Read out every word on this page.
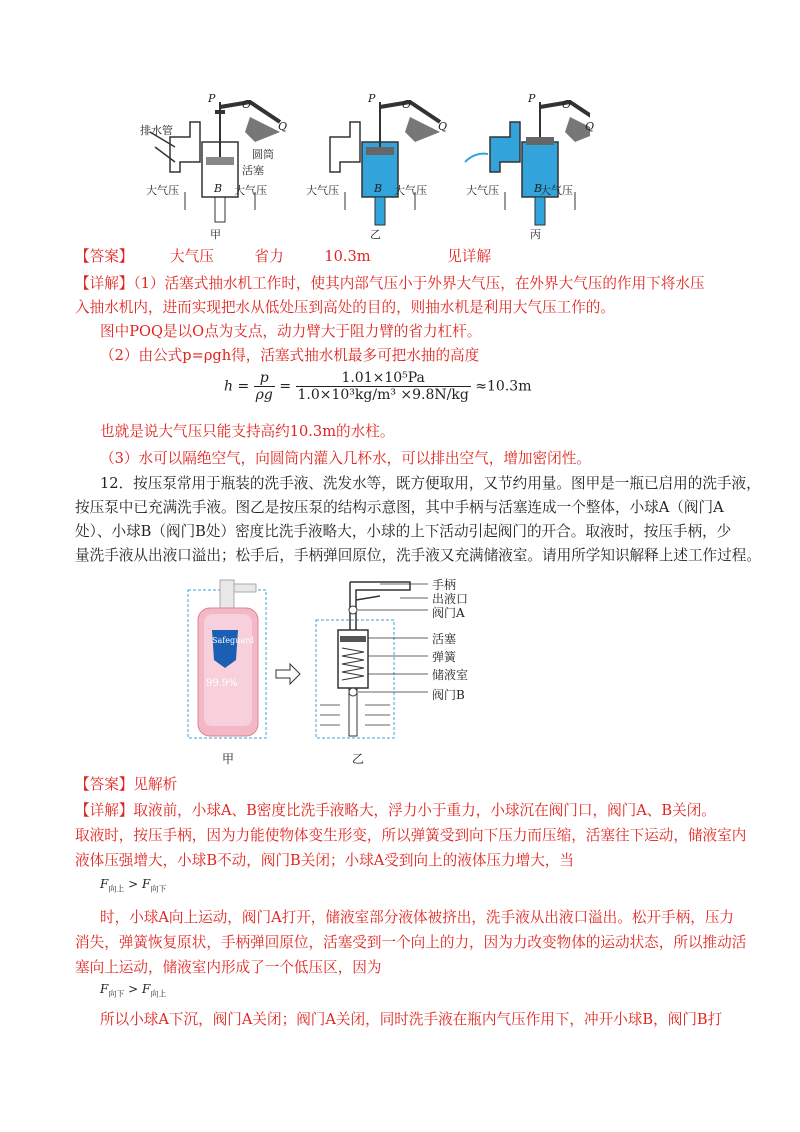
P O
Q
排水管
圆筒
活塞
大气压	大气压
B
P O
Q
大气压	大气压
B
P O
Q
大气压	大气压
B
甲	乙	丙
【答案】	大气压	省力	10.3m	见详解
【详解】（1）活塞式抽水机工作时，使其内部气压小于外界大气压，在外界大气压的作用下将水压
入抽水机内，进而实现把水从低处压到高处的目的，则抽水机是利用大气压工作的。
图中POQ是以O点为支点，动力臂大于阻力臂的省力杠杆。
（2）由公式p=ρgh得，活塞式抽水机最多可把水抽的高度
$h = \frac{p}{\rho g} = \frac{\text{1.01×10⁵Pa}}{\text{1.0×10³kg/m³ ×9.8N/kg}} \approx 10.3m$
也就是说大气压只能支持高约10.3m的水柱。
（3）水可以隔绝空气，向圆筒内灌入几杯水，可以排出空气，增加密闭性。
12．按压泵常用于瓶装的洗手液、洗发水等，既方便取用，又节约用量。图甲是一瓶已启用的洗手液，
按压泵中已充满洗手液。图乙是按压泵的结构示意图，其中手柄与活塞连成一个整体，小球A（阀门A
处）、小球B（阀门B处）密度比洗手液略大，小球的上下活动引起阀门的开合。取液时，按压手柄，少
量洗手液从出液口溢出；松手后，手柄弹回原位，洗手液又充满储液室。请用所学知识解释上述工作过程。
99.9%
Safeguard
手柄
出液口
阀门A
活塞
弹簧
储液室
阀门B
甲	乙
【答案】见解析
【详解】取液前，小球A、B密度比洗手液略大，浮力小于重力，小球沉在阀门口，阀门A、B关闭。
取液时，按压手柄，因为力能使物体变生形变，所以弹簧受到向下压力而压缩，活塞往下运动，储液室内
液体压强增大，小球B不动，阀门B关闭；小球A受到向上的液体压力增大，当
$F_{向上} > F_{向下}$
时，小球A向上运动，阀门A打开，储液室部分液体被挤出，洗手液从出液口溢出。松开手柄，压力
消失，弹簧恢复原状，手柄弹回原位，活塞受到一个向上的力，因为力改变物体的运动状态，所以推动活
塞向上运动，储液室内形成了一个低压区，因为
$F_{向下} > F_{向上}$
所以小球A下沉，阀门A关闭；阀门A关闭，同时洗手液在瓶内气压作用下，冲开小球B，阀门B打
